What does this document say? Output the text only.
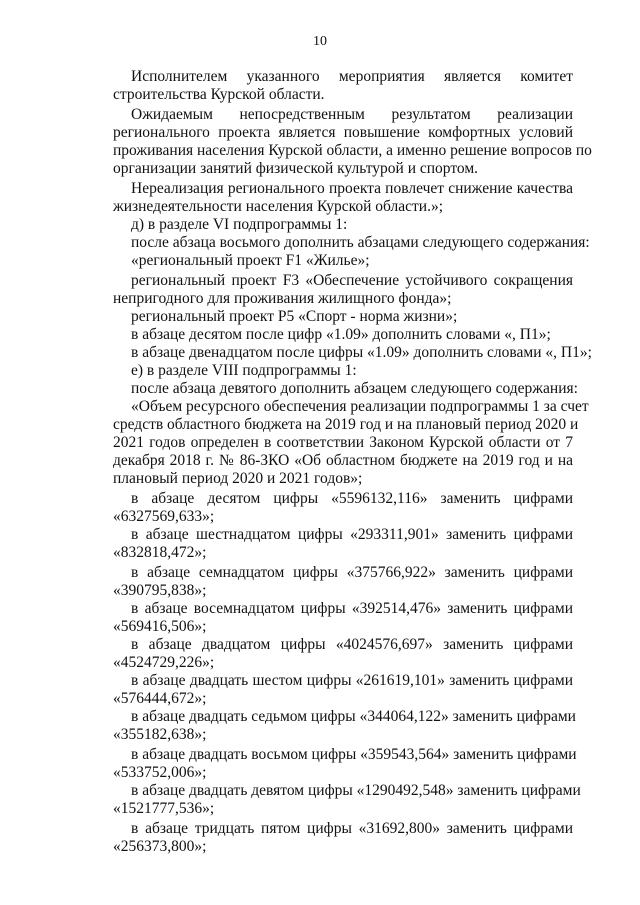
10
Исполнителем указанного мероприятия является комитет
строительства Курской области.
Ожидаемым непосредственным результатом реализации
регионального проекта является повышение комфортных условий
проживания населения Курской области, а именно решение вопросов по
организации занятий физической культурой и спортом.
Нереализация регионального проекта повлечет снижение качества
жизнедеятельности населения Курской области.»;
д) в разделе VI подпрограммы 1:
после абзаца восьмого дополнить абзацами следующего содержания:
«региональный проект F1 «Жилье»;
региональный проект F3 «Обеспечение устойчивого сокращения
непригодного для проживания жилищного фонда»;
региональный проект P5 «Спорт - норма жизни»;
в абзаце десятом после цифр «1.09» дополнить словами «, П1»;
в абзаце двенадцатом после цифры «1.09» дополнить словами «, П1»;
е) в разделе VIII подпрограммы 1:
после абзаца девятого дополнить абзацем следующего содержания:
«Объем ресурсного обеспечения реализации подпрограммы 1 за счет
средств областного бюджета на 2019 год и на плановый период 2020 и
2021 годов определен в соответствии Законом Курской области от 7
декабря 2018 г. № 86-ЗКО «Об областном бюджете на 2019 год и на
плановый период 2020 и 2021 годов»;
в абзаце десятом цифры «5596132,116» заменить цифрами
«6327569,633»;
в абзаце шестнадцатом цифры «293311,901» заменить цифрами
«832818,472»;
в абзаце семнадцатом цифры «375766,922» заменить цифрами
«390795,838»;
в абзаце восемнадцатом цифры «392514,476» заменить цифрами
«569416,506»;
в абзаце двадцатом цифры «4024576,697» заменить цифрами
«4524729,226»;
в абзаце двадцать шестом цифры «261619,101» заменить цифрами
«576444,672»;
в абзаце двадцать седьмом цифры «344064,122» заменить цифрами
«355182,638»;
в абзаце двадцать восьмом цифры «359543,564» заменить цифрами
«533752,006»;
в абзаце двадцать девятом цифры «1290492,548» заменить цифрами
«1521777,536»;
в абзаце тридцать пятом цифры «31692,800» заменить цифрами
«256373,800»;
